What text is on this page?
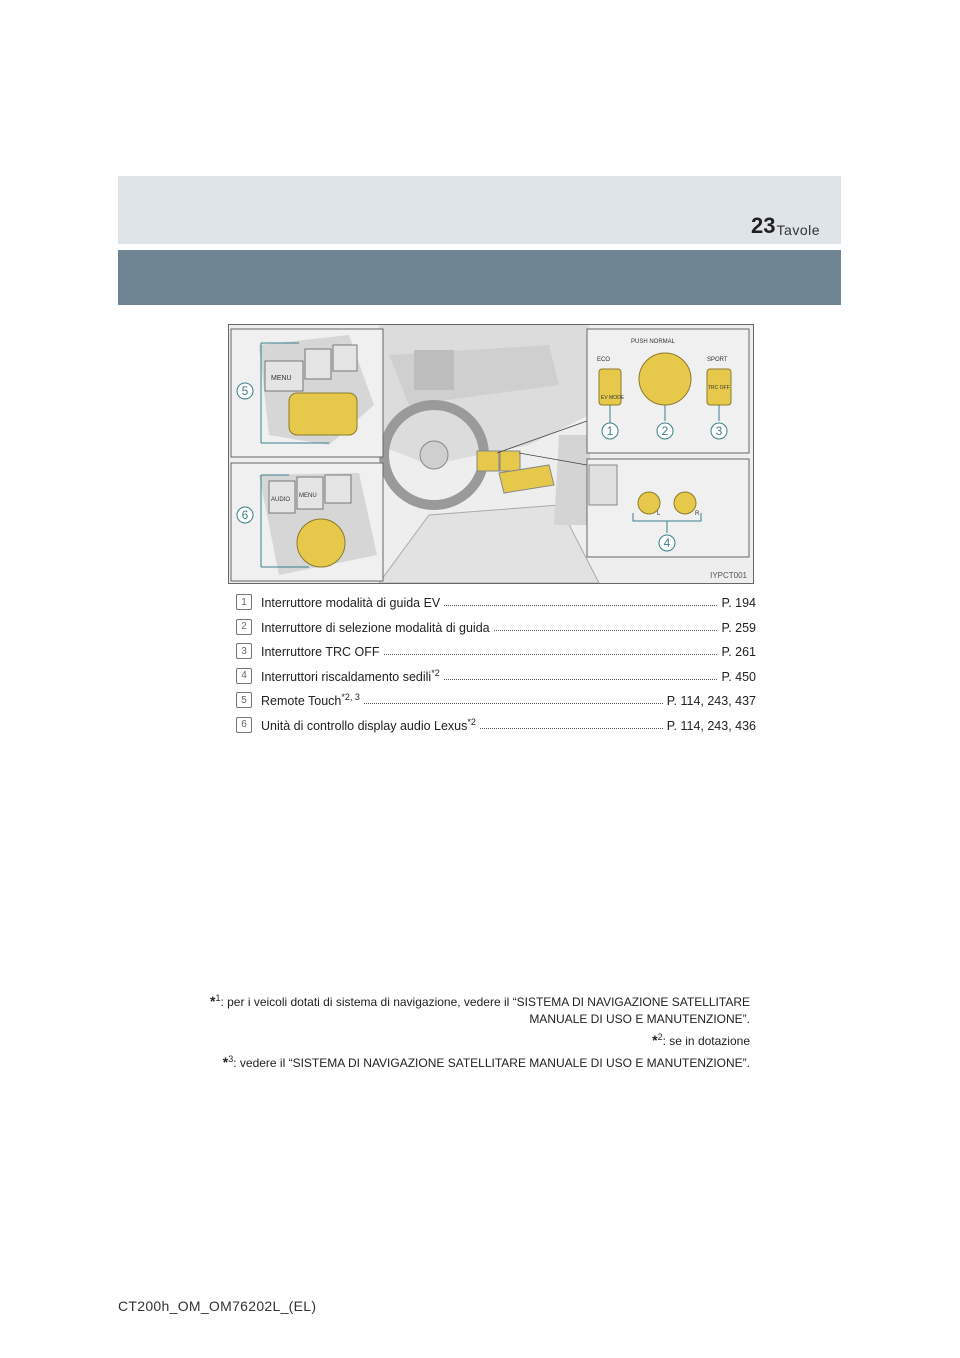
Tavole
23
MENU
AUDIO
MENU
PUSH NORMAL
ECO	SPORT
EV MODE
TRC OFF
L	R
1	2	3
4
5
6
IYPCT001
1	Interruttore modalità di guida EV	P. 194
2	Interruttore di selezione modalità di guida	P. 259
3	Interruttore TRC OFF	P. 261
4	Interruttori riscaldamento sedili$^{*2}$	P. 450
5	Remote Touch$^{*2, 3}$	P. 114, 243, 437
6	Unità di controllo display audio Lexus$^{*2}$	P. 114, 243, 436
*$^1$: per i veicoli dotati di sistema di navigazione, vedere il “SISTEMA DI NAVIGAZIONE SATELLITARE MANUALE DI USO E MANUTENZIONE”.
*$^2$: se in dotazione
*$^3$: vedere il “SISTEMA DI NAVIGAZIONE SATELLITARE MANUALE DI USO E MANUTENZIONE”.
CT200h_OM_OM76202L_(EL)
